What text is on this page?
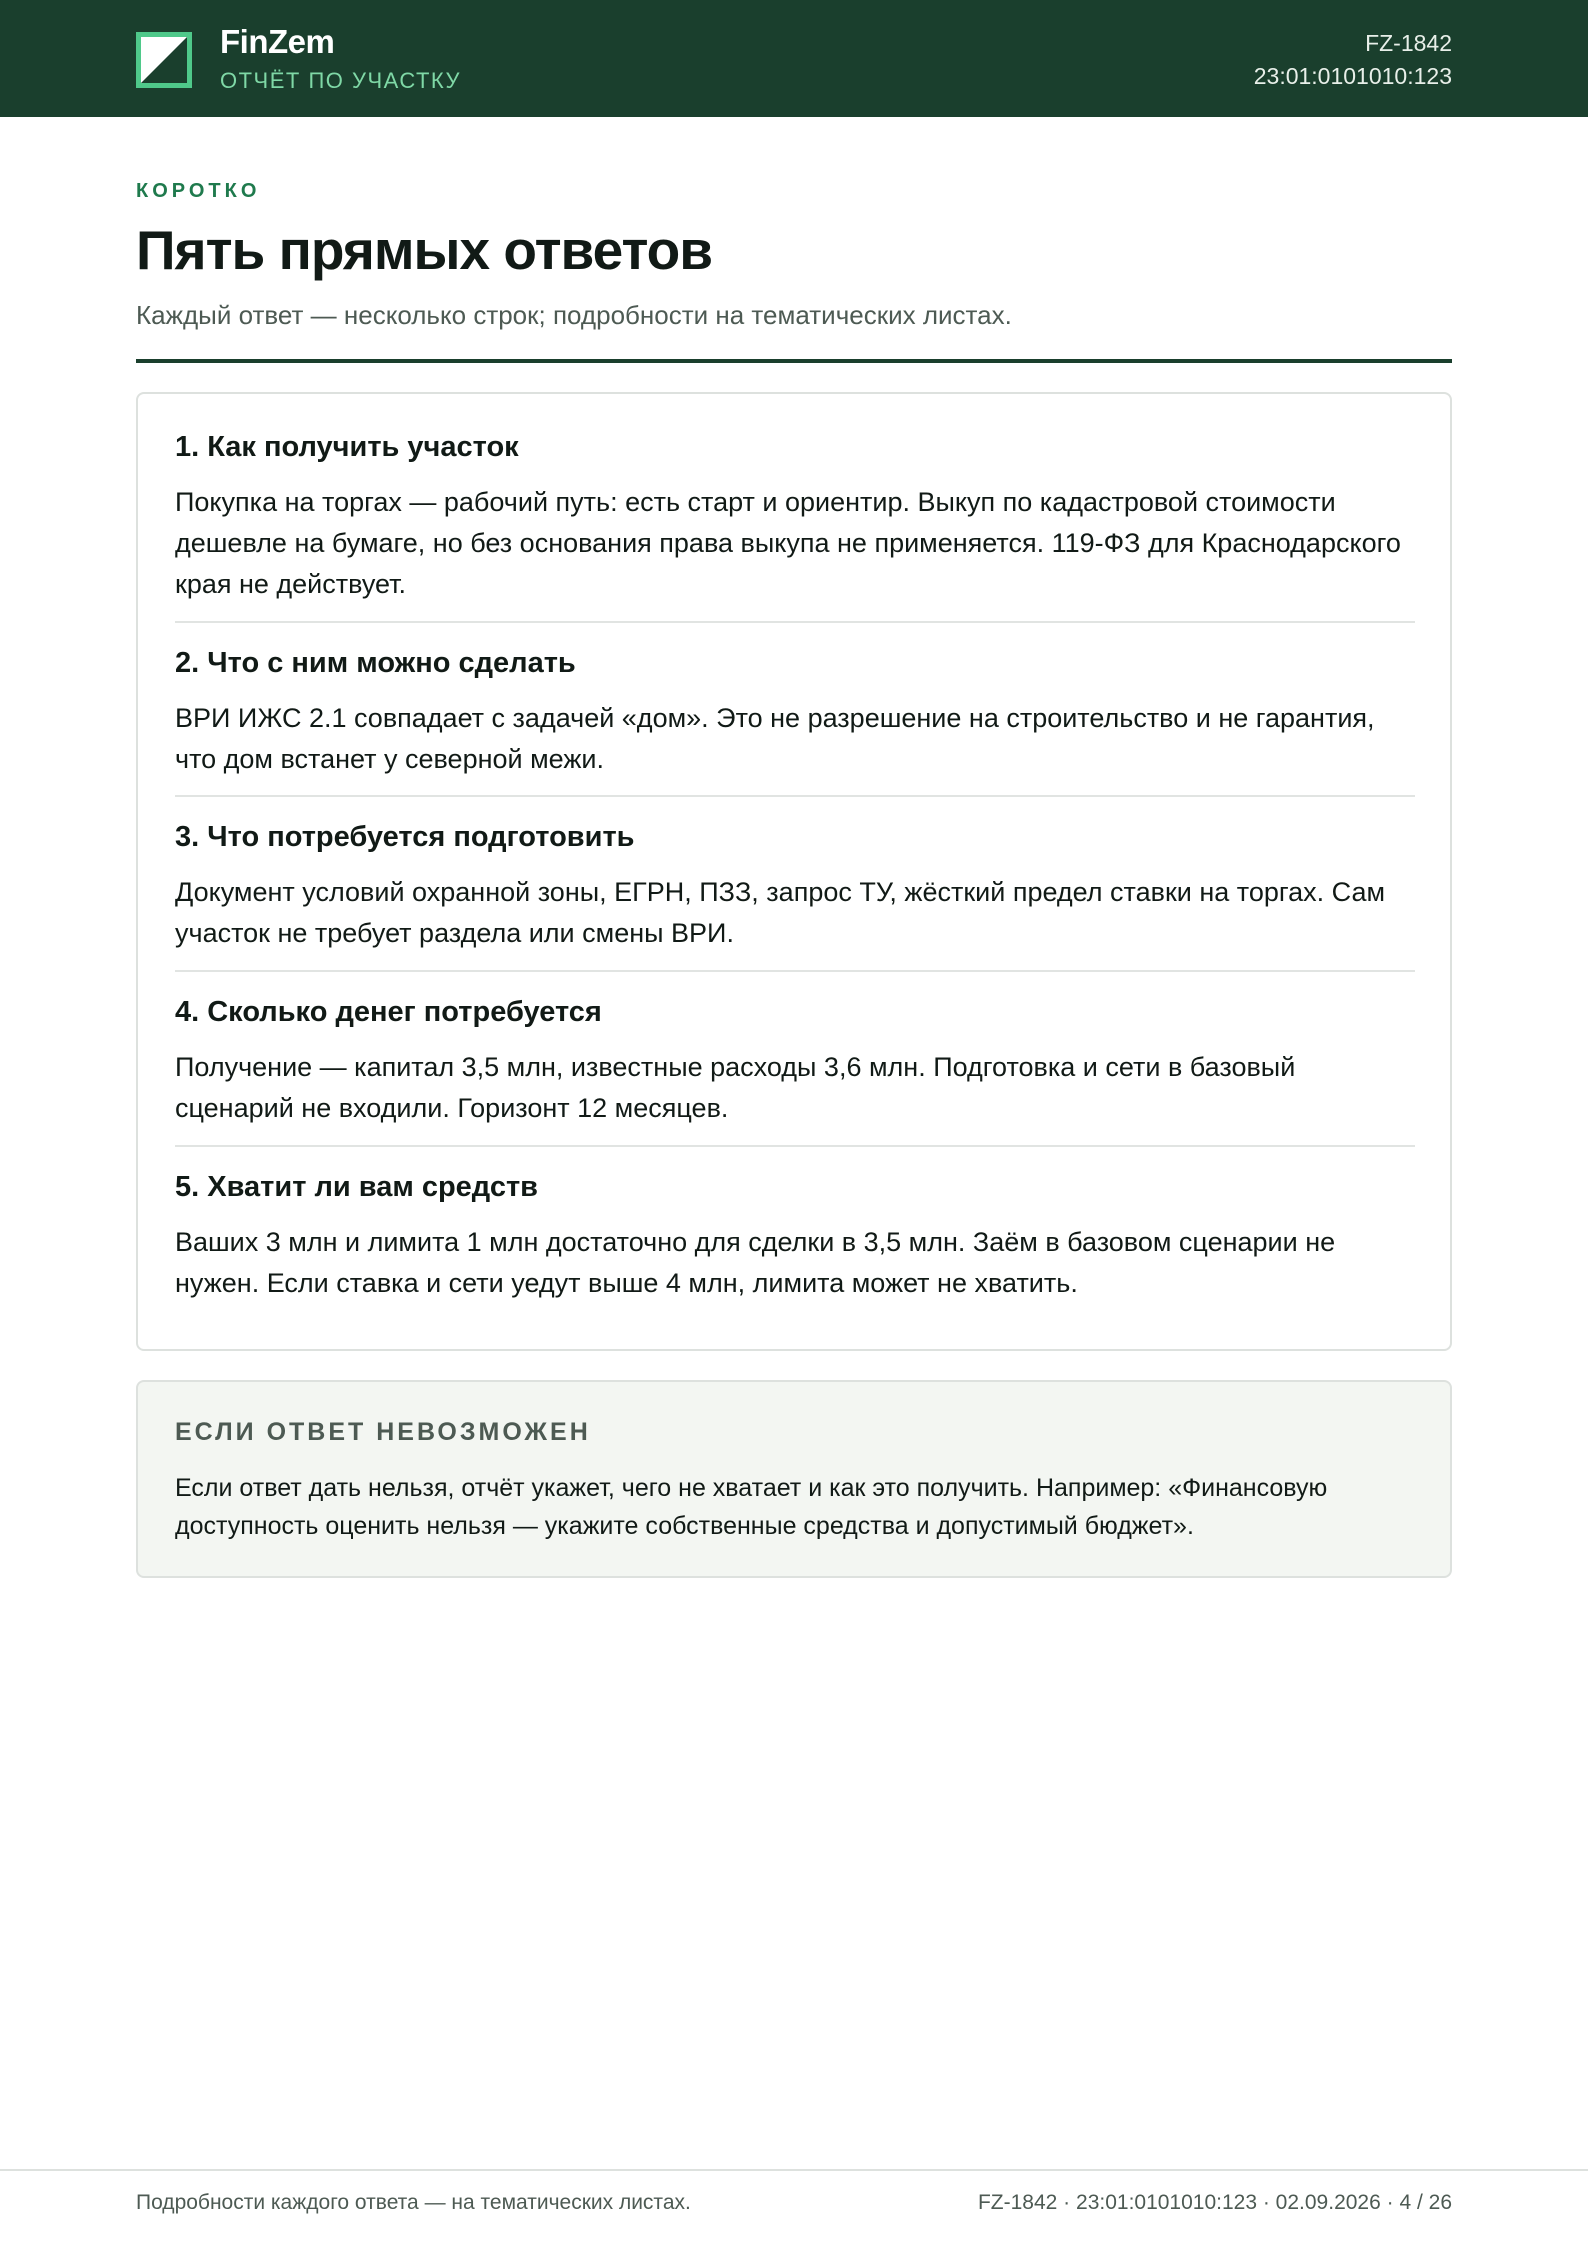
FinZem
ОТЧЁТ ПО УЧАСТКУ
FZ-1842
23:01:0101010:123
КОРОТКО
Пять прямых ответов

Каждый ответ — несколько строк; подробности на тематических листах.

1. Как получить участок

Покупка на торгах — рабочий путь: есть старт и ориентир. Выкуп по кадастровой стоимости дешевле на бумаге, но без основания права выкупа не применяется. 119-ФЗ для Краснодарского края не действует.

2. Что с ним можно сделать

ВРИ ИЖС 2.1 совпадает с задачей «дом». Это не разрешение на строительство и не гарантия, что дом встанет у северной межи.

3. Что потребуется подготовить

Документ условий охранной зоны, ЕГРН, ПЗЗ, запрос ТУ, жёсткий предел ставки на торгах. Сам участок не требует раздела или смены ВРИ.

4. Сколько денег потребуется

Получение — капитал 3,5 млн, известные расходы 3,6 млн. Подготовка и сети в базовый сценарий не входили. Горизонт 12 месяцев.

5. Хватит ли вам средств

Ваших 3 млн и лимита 1 млн достаточно для сделки в 3,5 млн. Заём в базовом сценарии не нужен. Если ставка и сети уедут выше 4 млн, лимита может не хватить.

ЕСЛИ ОТВЕТ НЕВОЗМОЖЕН

Если ответ дать нельзя, отчёт укажет, чего не хватает и как это получить. Например: «Финансовую доступность оценить нельзя — укажите собственные средства и допустимый бюджет».

Подробности каждого ответа — на тематических листах.	FZ-1842 · 23:01:0101010:123 · 02.09.2026 · 4 / 26
